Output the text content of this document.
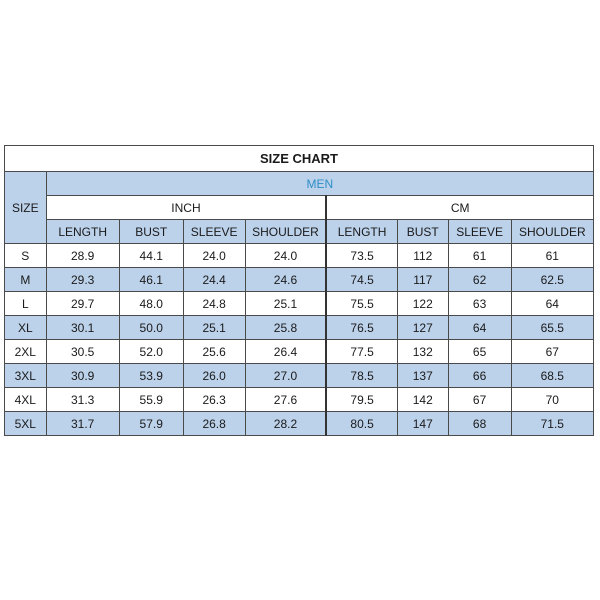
SIZE CHART								
SIZE	MEN							
	INCH				CM			
	LENGTH	BUST	SLEEVE	SHOULDER	LENGTH	BUST	SLEEVE	SHOULDER
S	28.9	44.1	24.0	24.0	73.5	112	61	61
M	29.3	46.1	24.4	24.6	74.5	117	62	62.5
L	29.7	48.0	24.8	25.1	75.5	122	63	64
XL	30.1	50.0	25.1	25.8	76.5	127	64	65.5
2XL	30.5	52.0	25.6	26.4	77.5	132	65	67
3XL	30.9	53.9	26.0	27.0	78.5	137	66	68.5
4XL	31.3	55.9	26.3	27.6	79.5	142	67	70
5XL	31.7	57.9	26.8	28.2	80.5	147	68	71.5
